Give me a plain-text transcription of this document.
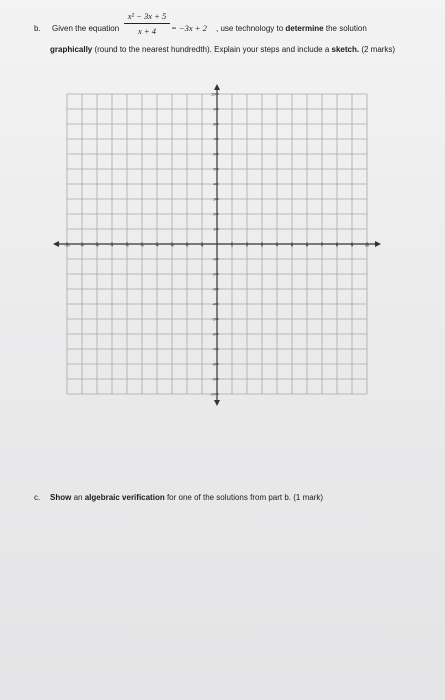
b. Given the equation
x² − 3x + 5
x + 4	= −3x + 2 , use technology to determine the solution
graphically (round to the nearest hundredth). Explain your steps and include a sketch. (2 marks)
-10	-9	-8	-7	-6	-5	-4	-3	-2	-1	1	2	3	4	5	6	7	8	9	10
10
9
8
7
6
5
4
3
2
1
-1
-2
-3
-4
-5
-6
-7
-8
-9
-10
c. Show an algebraic verification for one of the solutions from part b. (1 mark)
